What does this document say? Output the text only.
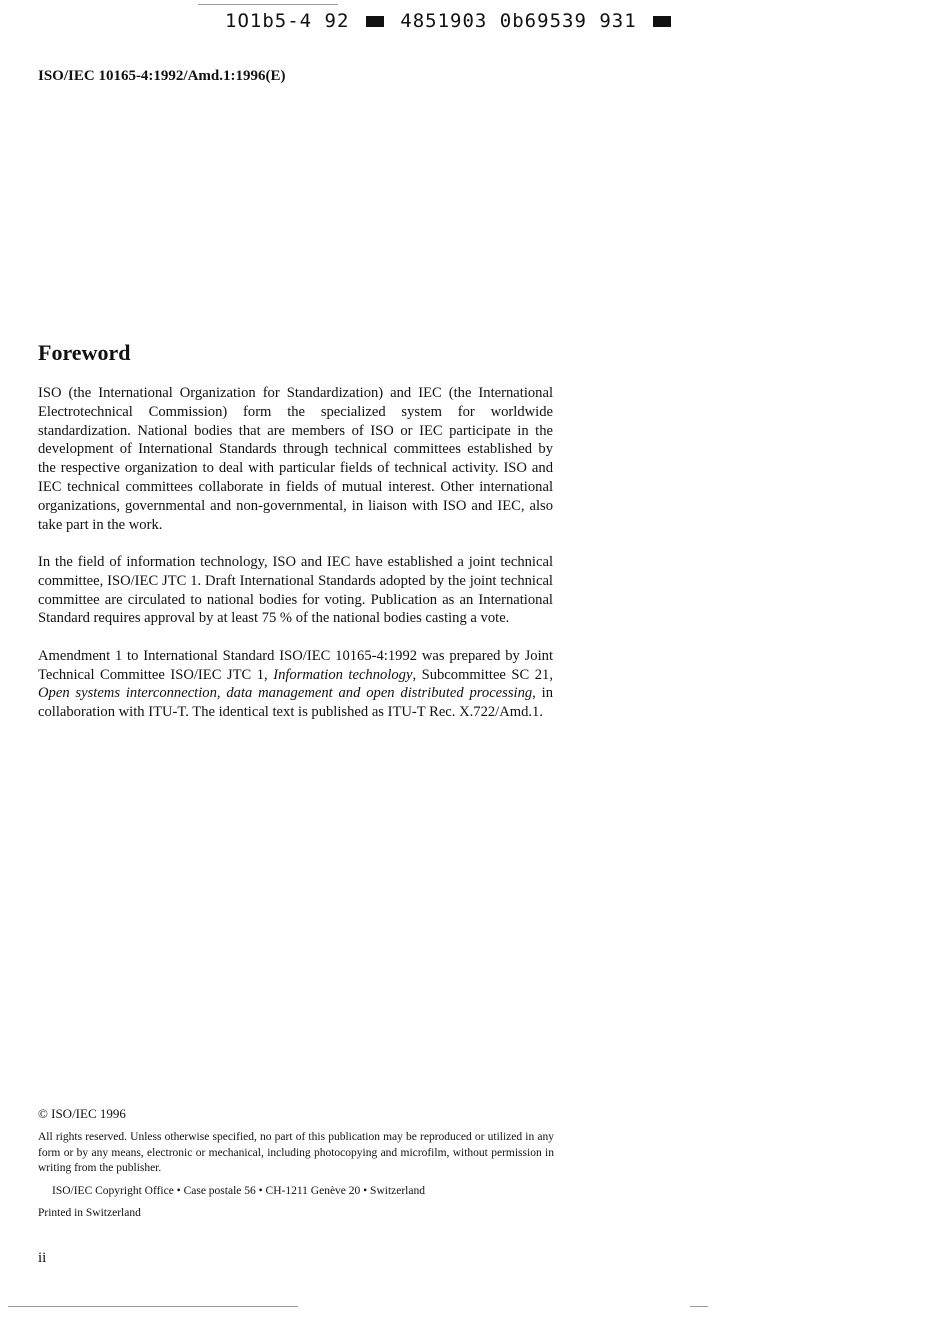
1O1b5-4 92	4851903 0b69539 931
ISO/IEC 10165-4:1992/Amd.1:1996(E)
Foreword

ISO (the International Organization for Standardization) and IEC (the International Electrotechnical Commission) form the specialized system for worldwide standardization. National bodies that are members of ISO or IEC participate in the development of International Standards through technical committees established by the respective organization to deal with particular fields of technical activity. ISO and IEC technical committees collaborate in fields of mutual interest. Other international organizations, governmental and non-governmental, in liaison with ISO and IEC, also take part in the work.

In the field of information technology, ISO and IEC have established a joint technical committee, ISO/IEC JTC 1. Draft International Standards adopted by the joint technical committee are circulated to national bodies for voting. Publication as an International Standard requires approval by at least 75 % of the national bodies casting a vote.

Amendment 1 to International Standard ISO/IEC 10165-4:1992 was prepared by Joint Technical Committee ISO/IEC JTC 1, Information technology, Subcommittee SC 21, Open systems interconnection, data management and open distributed processing, in collaboration with ITU-T. The identical text is published as ITU-T Rec. X.722/Amd.1.

© ISO/IEC 1996

All rights reserved. Unless otherwise specified, no part of this publication may be reproduced or utilized in any form or by any means, electronic or mechanical, including photocopying and microfilm, without permission in writing from the publisher.

ISO/IEC Copyright Office • Case postale 56 • CH-1211 Genève 20 • Switzerland
Printed in Switzerland
ii
